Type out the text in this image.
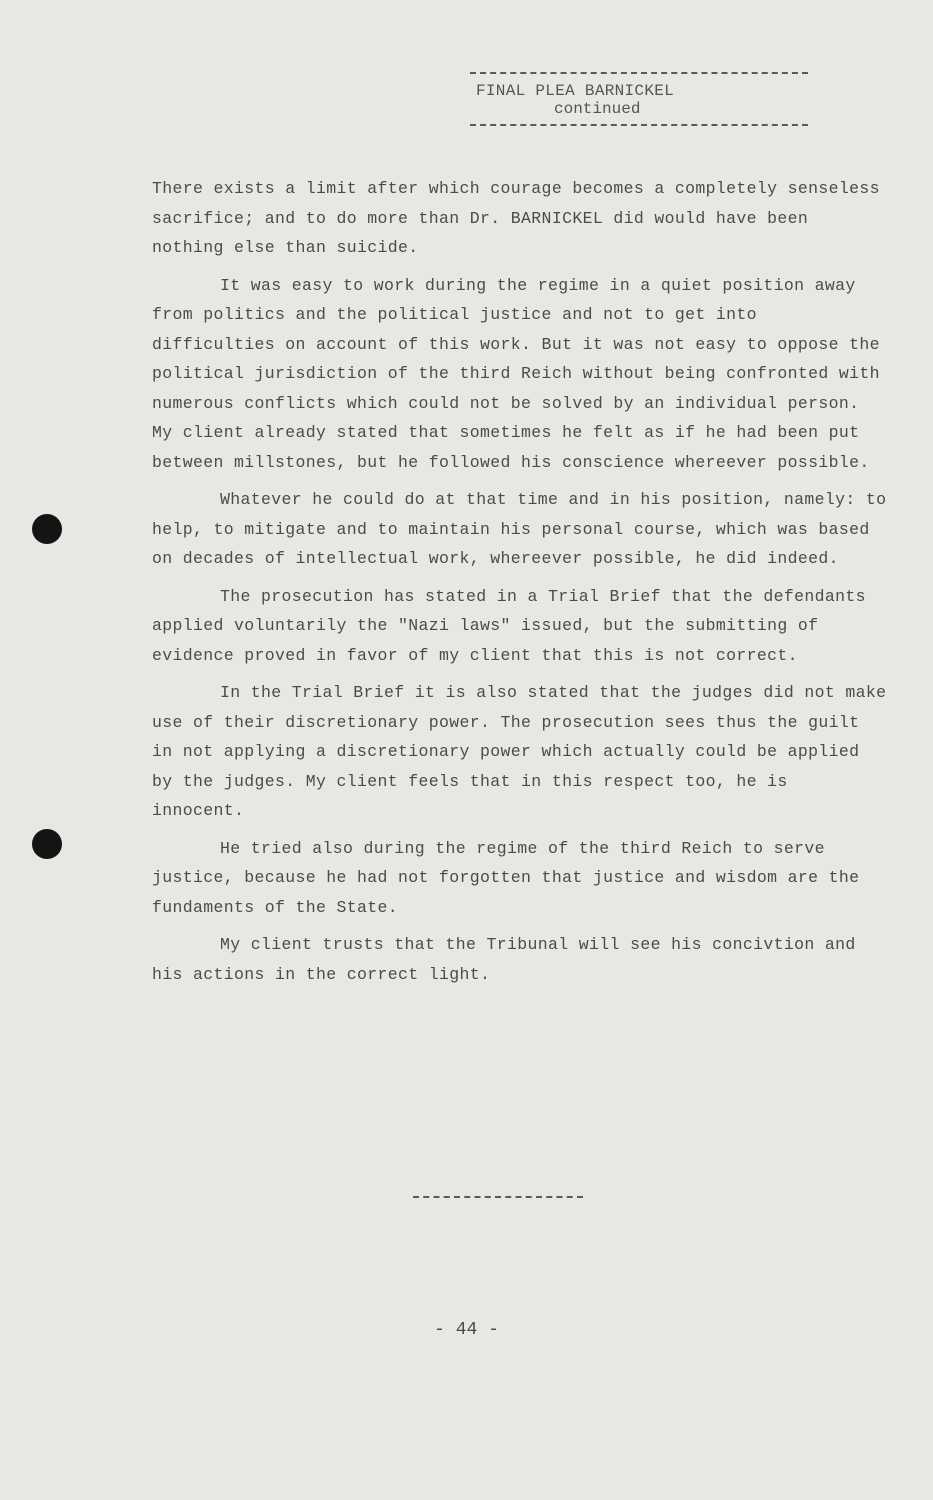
FINAL PLEA BARNICKEL
continued

There exists a limit after which courage becomes a completely senseless sacrifice; and to do more than Dr. BARNICKEL did would have been nothing else than suicide.

It was easy to work during the regime in a quiet position away from politics and the political justice and not to get into difficulties on account of this work. But it was not easy to oppose the political jurisdiction of the third Reich without being confronted with numerous conflicts which could not be solved by an individual person. My client already stated that sometimes he felt as if he had been put between millstones, but he followed his conscience whereever possible.

Whatever he could do at that time and in his position, namely: to help, to mitigate and to maintain his personal course, which was based on decades of intellectual work, whereever possible, he did indeed.

The prosecution has stated in a Trial Brief that the defendants applied voluntarily the "Nazi laws" issued, but the submitting of evidence proved in favor of my client that this is not correct.

In the Trial Brief it is also stated that the judges did not make use of their discretionary power. The prosecution sees thus the guilt in not applying a discretionary power which actually could be applied by the judges. My client feels that in this respect too, he is innocent.

He tried also during the regime of the third Reich to serve justice, because he had not forgotten that justice and wisdom are the fundaments of the State.

My client trusts that the Tribunal will see his concivtion and his actions in the correct light.

- 44 -
